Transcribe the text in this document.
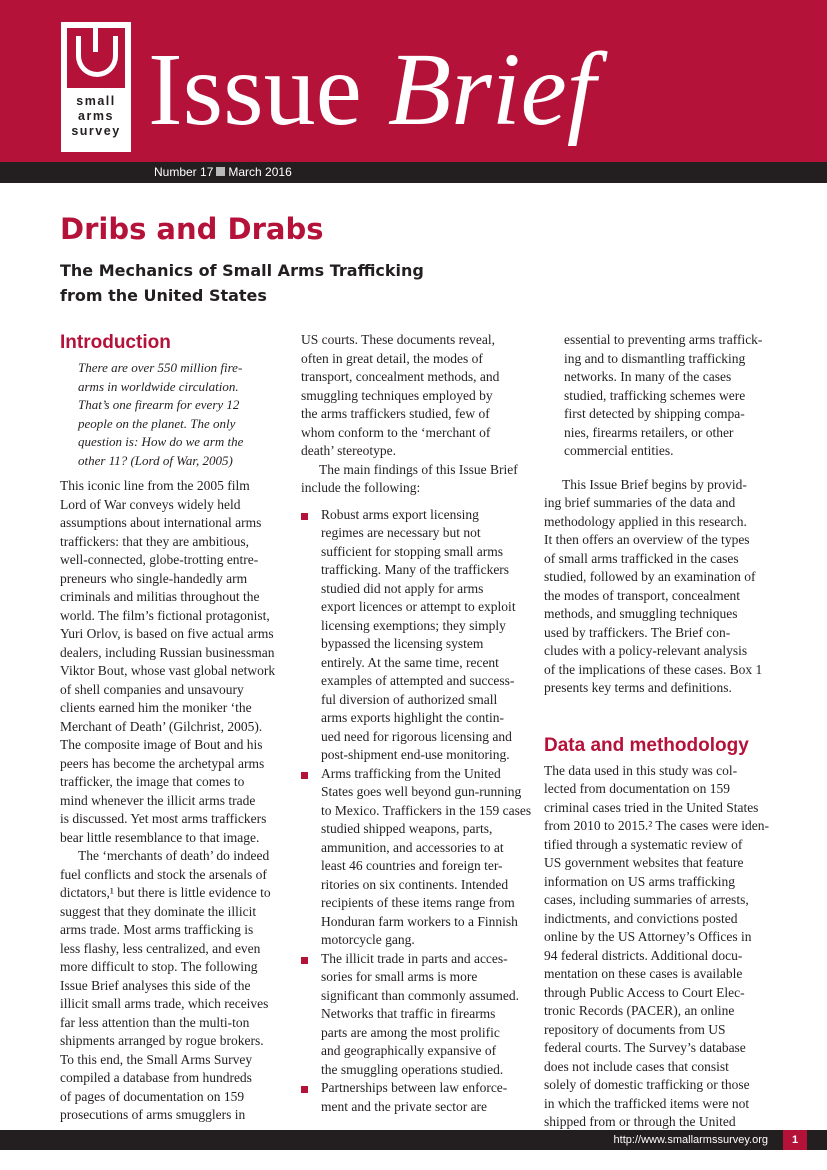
small
arms
survey Issue Brief
Number 17 March 2016
Dribs and Drabs
The Mechanics of Small Arms Trafficking
from the United States
Introduction
There are over 550 million fire-
arms in worldwide circulation.
That’s one firearm for every 12
people on the planet. The only
question is: How do we arm the
other 11? (Lord of War, 2005)
This iconic line from the 2005 film
Lord of War conveys widely held
assumptions about international arms
traffickers: that they are ambitious,
well-connected, globe-trotting entre-
preneurs who single-handedly arm
criminals and militias throughout the
world. The film’s fictional protagonist,
Yuri Orlov, is based on five actual arms
dealers, including Russian businessman
Viktor Bout, whose vast global network
of shell companies and unsavoury
clients earned him the moniker ‘the
Merchant of Death’ (Gilchrist, 2005).
The composite image of Bout and his
peers has become the archetypal arms
trafficker, the image that comes to
mind whenever the illicit arms trade
is discussed. Yet most arms traffickers
bear little resemblance to that image.
The ‘merchants of death’ do indeed
fuel conflicts and stock the arsenals of
dictators,¹ but there is little evidence to
suggest that they dominate the illicit
arms trade. Most arms trafficking is
less flashy, less centralized, and even
more difficult to stop. The following
Issue Brief analyses this side of the
illicit small arms trade, which receives
far less attention than the multi-ton
shipments arranged by rogue brokers.
To this end, the Small Arms Survey
compiled a database from hundreds
of pages of documentation on 159
prosecutions of arms smugglers in
US courts. These documents reveal,
often in great detail, the modes of
transport, concealment methods, and
smuggling techniques employed by
the arms traffickers studied, few of
whom conform to the ‘merchant of
death’ stereotype.
The main findings of this Issue Brief
include the following:
Robust arms export licensing
regimes are necessary but not
sufficient for stopping small arms
trafficking. Many of the traffickers
studied did not apply for arms
export licences or attempt to exploit
licensing exemptions; they simply
bypassed the licensing system
entirely. At the same time, recent
examples of attempted and success-
ful diversion of authorized small
arms exports highlight the contin-
ued need for rigorous licensing and
post-shipment end-use monitoring.
Arms trafficking from the United
States goes well beyond gun-running
to Mexico. Traffickers in the 159 cases
studied shipped weapons, parts,
ammunition, and accessories to at
least 46 countries and foreign ter-
ritories on six continents. Intended
recipients of these items range from
Honduran farm workers to a Finnish
motorcycle gang.
The illicit trade in parts and acces-
sories for small arms is more
significant than commonly assumed.
Networks that traffic in firearms
parts are among the most prolific
and geographically expansive of
the smuggling operations studied.
Partnerships between law enforce-
ment and the private sector are
essential to preventing arms traffick-
ing and to dismantling trafficking
networks. In many of the cases
studied, trafficking schemes were
first detected by shipping compa-
nies, firearms retailers, or other
commercial entities.
This Issue Brief begins by provid-
ing brief summaries of the data and
methodology applied in this research.
It then offers an overview of the types
of small arms trafficked in the cases
studied, followed by an examination of
the modes of transport, concealment
methods, and smuggling techniques
used by traffickers. The Brief con-
cludes with a policy-relevant analysis
of the implications of these cases. Box 1
presents key terms and definitions.
Data and methodology
The data used in this study was col-
lected from documentation on 159
criminal cases tried in the United States
from 2010 to 2015.² The cases were iden-
tified through a systematic review of
US government websites that feature
information on US arms trafficking
cases, including summaries of arrests,
indictments, and convictions posted
online by the US Attorney’s Offices in
94 federal districts. Additional docu-
mentation on these cases is available
through Public Access to Court Elec-
tronic Records (PACER), an online
repository of documents from US
federal courts. The Survey’s database
does not include cases that consist
solely of domestic trafficking or those
in which the trafficked items were not
shipped from or through the United
http://www.smallarmssurvey.org	1
